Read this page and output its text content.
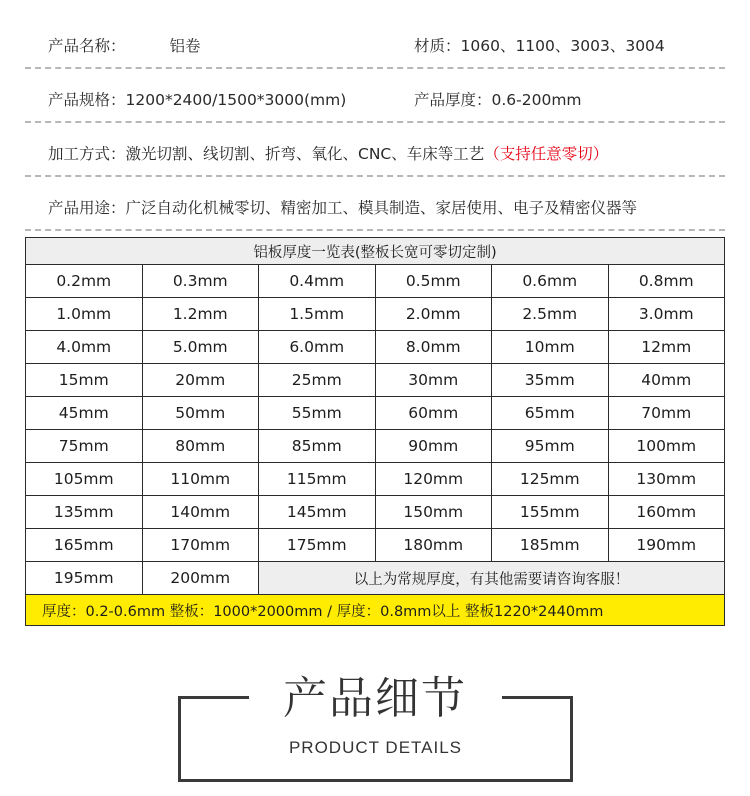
产品名称：	铝卷	材质：1060、1100、3003、3004
产品规格：1200*2400/1500*3000(mm)	产品厚度：0.6-200mm
加工方式：激光切割、线切割、折弯、氧化、CNC、车床等工艺（支持任意零切）
产品用途：广泛自动化机械零切、精密加工、模具制造、家居使用、电子及精密仪器等
铝板厚度一览表(整板长宽可零切定制)					
0.2mm	0.3mm	0.4mm	0.5mm	0.6mm	0.8mm
1.0mm	1.2mm	1.5mm	2.0mm	2.5mm	3.0mm
4.0mm	5.0mm	6.0mm	8.0mm	10mm	12mm
15mm	20mm	25mm	30mm	35mm	40mm
45mm	50mm	55mm	60mm	65mm	70mm
75mm	80mm	85mm	90mm	95mm	100mm
105mm	110mm	115mm	120mm	125mm	130mm
135mm	140mm	145mm	150mm	155mm	160mm
165mm	170mm	175mm	180mm	185mm	190mm
195mm	200mm	以上为常规厚度，有其他需要请咨询客服！			
厚度：0.2-0.6mm 整板：1000*2000mm / 厚度：0.8mm以上 整板1220*2440mm					
产品细节
PRODUCT DETAILS
